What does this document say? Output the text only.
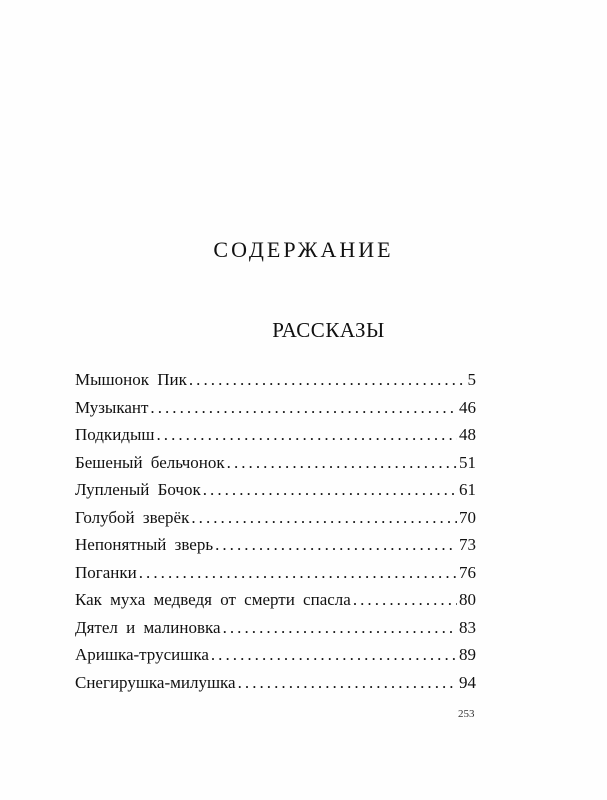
СОДЕРЖАНИЕ
РАССКАЗЫ
Мышонок Пик . . .	5
Музыкант . . .	46
Подкидыш . . .	48
Бешеный бельчонок . . .	51
Лупленый Бочок . . .	61
Голубой зверёк . . .	70
Непонятный зверь . . .	73
Поганки . . .	76
Как муха медведя от смерти спасла . . .	80
Дятел и малиновка . . .	83
Аришка-трусишка . . .	89
Снегирушка-милушка . . .	94
253
